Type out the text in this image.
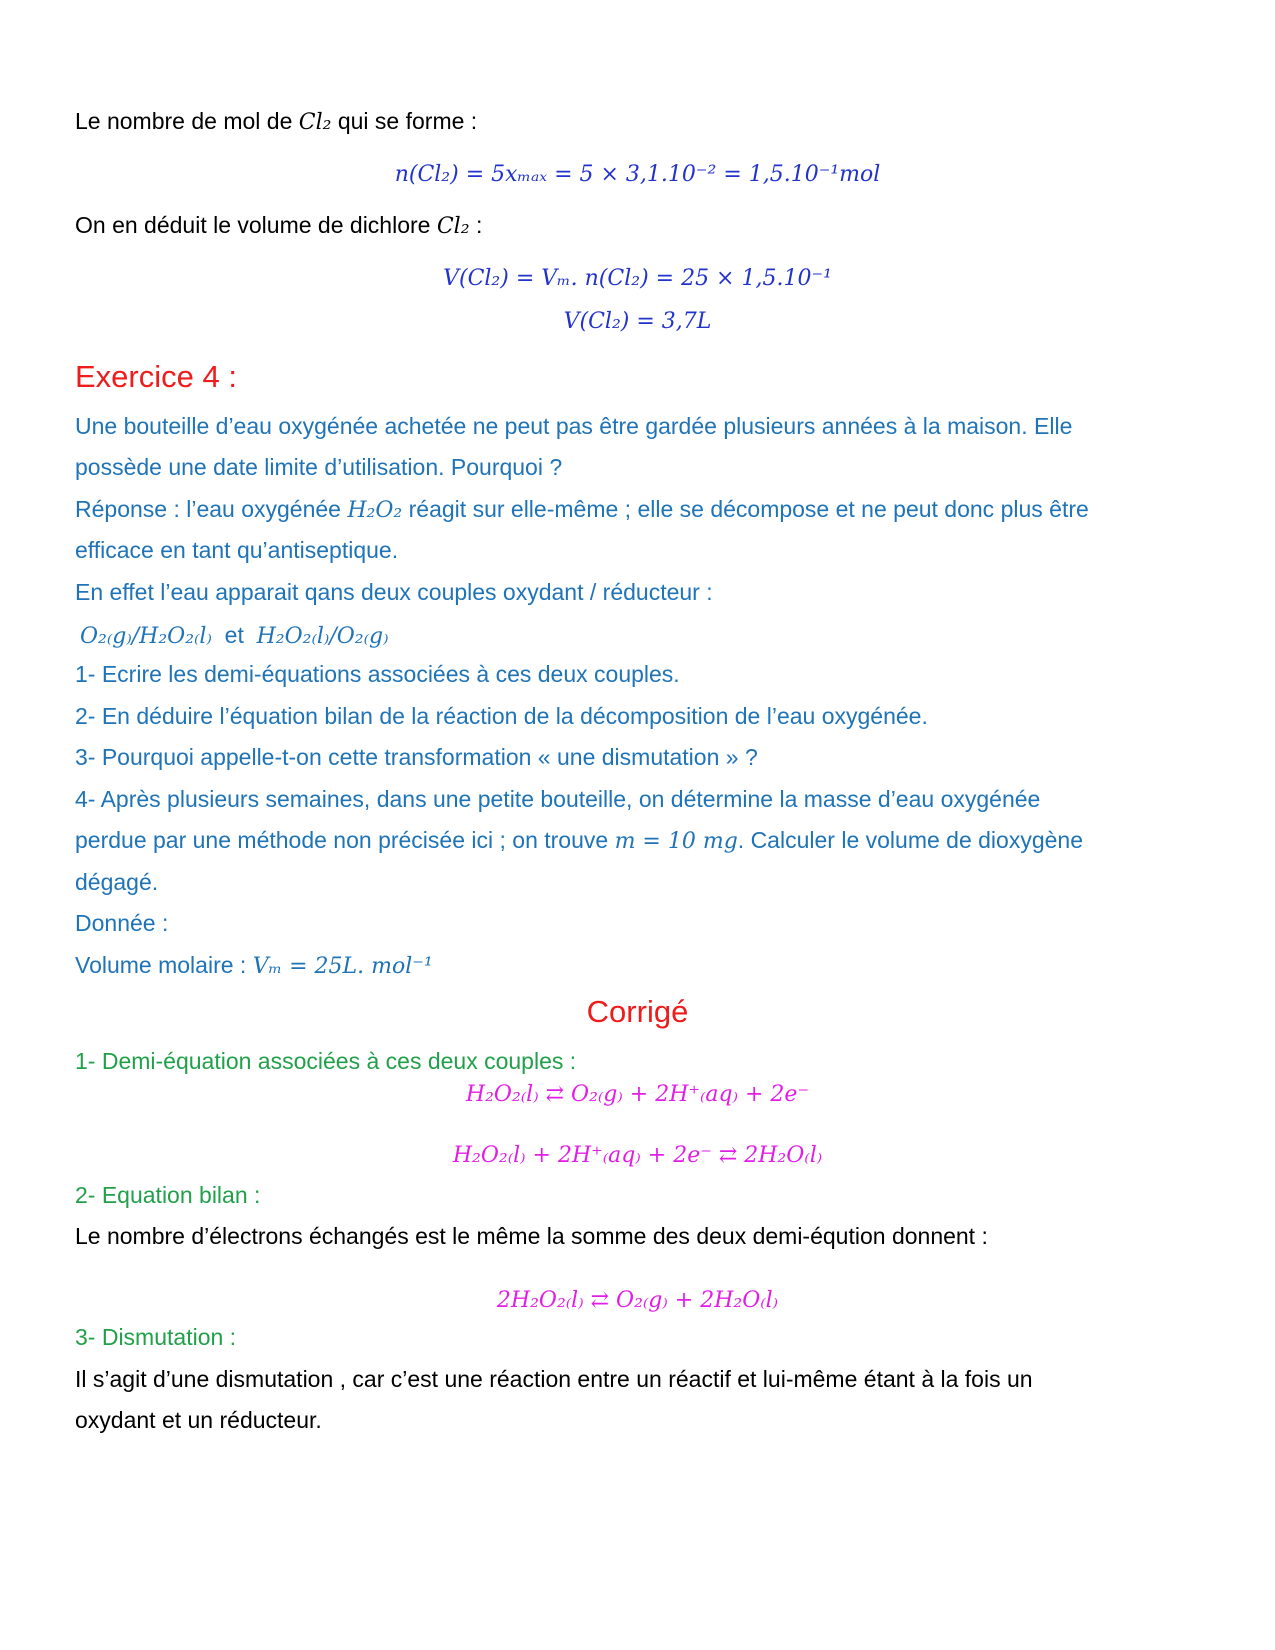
Le nombre de mol de Cl₂ qui se forme :

n(Cl₂) = 5xₘₐₓ = 5 × 3,1.10⁻² = 1,5.10⁻¹mol

On en déduit le volume de dichlore Cl₂ :

V(Cl₂) = Vₘ. n(Cl₂) = 25 × 1,5.10⁻¹
V(Cl₂) = 3,7L
Exercice 4 :

Une bouteille d’eau oxygénée achetée ne peut pas être gardée plusieurs années à la maison. Elle

possède une date limite d’utilisation. Pourquoi ?

Réponse : l’eau oxygénée H₂O₂ réagit sur elle-même ; elle se décompose et ne peut donc plus être

efficace en tant qu’antiseptique.

En effet l’eau apparait qans deux couples oxydant / réducteur :

O₂₍g₎/H₂O₂₍l₎ et H₂O₂₍l₎/O₂₍g₎

1- Ecrire les demi-équations associées à ces deux couples.

2- En déduire l’équation bilan de la réaction de la décomposition de l’eau oxygénée.

3- Pourquoi appelle-t-on cette transformation « une dismutation » ?

4- Après plusieurs semaines, dans une petite bouteille, on détermine la masse d’eau oxygénée

perdue par une méthode non précisée ici ; on trouve m = 10 mg. Calculer le volume de dioxygène

dégagé.

Donnée :

Volume molaire : Vₘ = 25L. mol⁻¹

Corrigé

1- Demi-équation associées à ces deux couples :

H₂O₂₍l₎ ⇄ O₂₍g₎ + 2H⁺₍aq₎ + 2e⁻
H₂O₂₍l₎ + 2H⁺₍aq₎ + 2e⁻ ⇄ 2H₂O₍l₎

2- Equation bilan :

Le nombre d’électrons échangés est le même la somme des deux demi-éqution donnent :

2H₂O₂₍l₎ ⇄ O₂₍g₎ + 2H₂O₍l₎

3- Dismutation :

Il s’agit d’une dismutation , car c’est une réaction entre un réactif et lui-même étant à la fois un

oxydant et un réducteur.
